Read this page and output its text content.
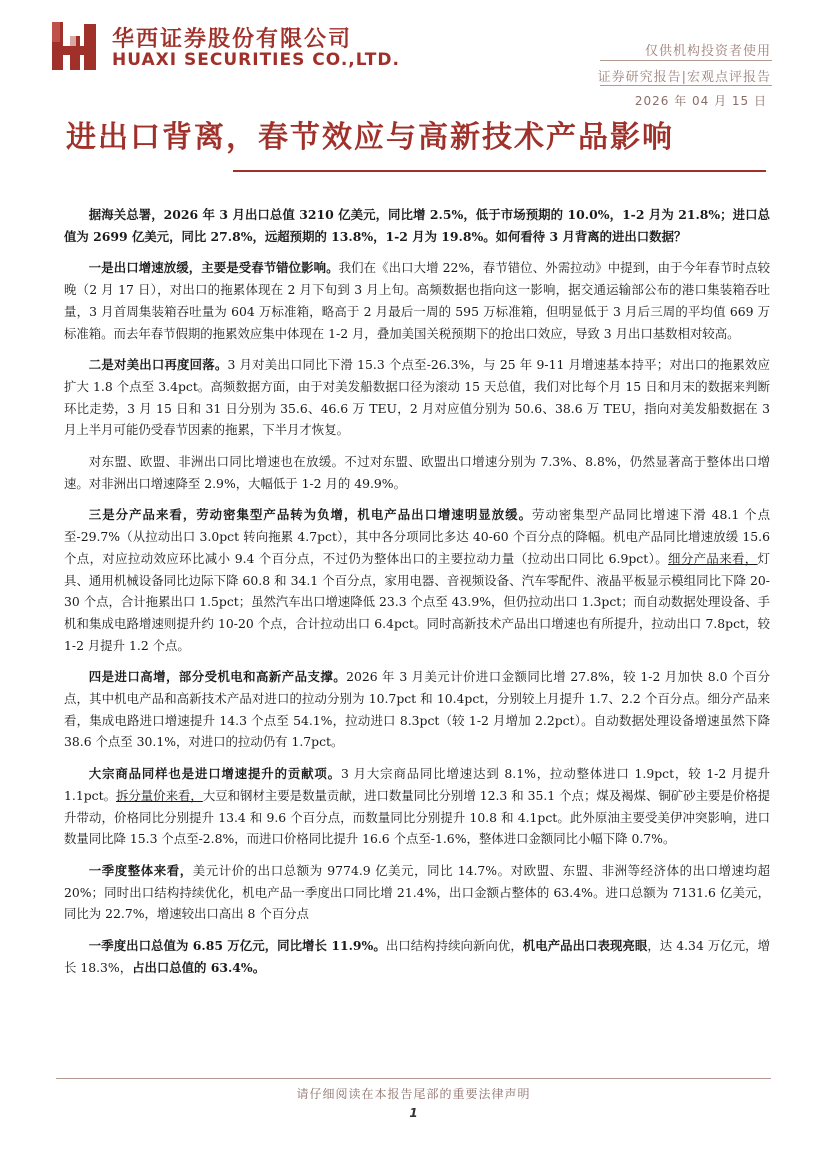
华西证券股份有限公司
HUAXI SECURITIES CO.,LTD.	仅供机构投资者使用
证券研究报告|宏观点评报告
2026 年 04 月 15 日
进出口背离，春节效应与高新技术产品影响

据海关总署，2026 年 3 月出口总值 3210 亿美元，同比增 2.5%，低于市场预期的 10.0%，1-2 月为 21.8%；进口总值为 2699 亿美元，同比 27.8%，远超预期的 13.8%，1-2 月为 19.8%。如何看待 3 月背离的进出口数据？

一是出口增速放缓，主要是受春节错位影响。我们在《出口大增 22%，春节错位、外需拉动》中提到，由于今年春节时点较晚（2 月 17 日），对出口的拖累体现在 2 月下旬到 3 月上旬。高频数据也指向这一影响，据交通运输部公布的港口集装箱吞吐量，3 月首周集装箱吞吐量为 604 万标准箱，略高于 2 月最后一周的 595 万标准箱，但明显低于 3 月后三周的平均值 669 万标准箱。而去年春节假期的拖累效应集中体现在 1-2 月，叠加美国关税预期下的抢出口效应，导致 3 月出口基数相对较高。

二是对美出口再度回落。3 月对美出口同比下滑 15.3 个点至-26.3%，与 25 年 9-11 月增速基本持平；对出口的拖累效应扩大 1.8 个点至 3.4pct。高频数据方面，由于对美发船数据口径为滚动 15 天总值，我们对比每个月 15 日和月末的数据来判断环比走势，3 月 15 日和 31 日分别为 35.6、46.6 万 TEU，2 月对应值分别为 50.6、38.6 万 TEU，指向对美发船数据在 3 月上半月可能仍受春节因素的拖累，下半月才恢复。

对东盟、欧盟、非洲出口同比增速也在放缓。不过对东盟、欧盟出口增速分别为 7.3%、8.8%，仍然显著高于整体出口增速。对非洲出口增速降至 2.9%，大幅低于 1-2 月的 49.9%。

三是分产品来看，劳动密集型产品转为负增，机电产品出口增速明显放缓。劳动密集型产品同比增速下滑 48.1 个点至-29.7%（从拉动出口 3.0pct 转向拖累 4.7pct），其中各分项同比多达 40-60 个百分点的降幅。机电产品同比增速放缓 15.6 个点，对应拉动效应环比减小 9.4 个百分点，不过仍为整体出口的主要拉动力量（拉动出口同比 6.9pct）。细分产品来看，灯具、通用机械设备同比边际下降 60.8 和 34.1 个百分点，家用电器、音视频设备、汽车零配件、液晶平板显示模组同比下降 20-30 个点，合计拖累出口 1.5pct；虽然汽车出口增速降低 23.3 个点至 43.9%，但仍拉动出口 1.3pct；而自动数据处理设备、手机和集成电路增速则提升约 10-20 个点，合计拉动出口 6.4pct。同时高新技术产品出口增速也有所提升，拉动出口 7.8pct，较 1-2 月提升 1.2 个点。

四是进口高增，部分受机电和高新产品支撑。2026 年 3 月美元计价进口金额同比增 27.8%，较 1-2 月加快 8.0 个百分点，其中机电产品和高新技术产品对进口的拉动分别为 10.7pct 和 10.4pct，分别较上月提升 1.7、2.2 个百分点。细分产品来看，集成电路进口增速提升 14.3 个点至 54.1%，拉动进口 8.3pct（较 1-2 月增加 2.2pct）。自动数据处理设备增速虽然下降 38.6 个点至 30.1%，对进口的拉动仍有 1.7pct。

大宗商品同样也是进口增速提升的贡献项。3 月大宗商品同比增速达到 8.1%，拉动整体进口 1.9pct，较 1-2 月提升 1.1pct。拆分量价来看，大豆和钢材主要是数量贡献，进口数量同比分别增 12.3 和 35.1 个点；煤及褐煤、铜矿砂主要是价格提升带动，价格同比分别提升 13.4 和 9.6 个百分点，而数量同比分别提升 10.8 和 4.1pct。此外原油主要受美伊冲突影响，进口数量同比降 15.3 个点至-2.8%，而进口价格同比提升 16.6 个点至-1.6%，整体进口金额同比小幅下降 0.7%。

一季度整体来看，美元计价的出口总额为 9774.9 亿美元，同比 14.7%。对欧盟、东盟、非洲等经济体的出口增速均超 20%；同时出口结构持续优化，机电产品一季度出口同比增 21.4%，出口金额占整体的 63.4%。进口总额为 7131.6 亿美元，同比为 22.7%，增速较出口高出 8 个百分点

一季度出口总值为 6.85 万亿元，同比增长 11.9%。出口结构持续向新向优，机电产品出口表现亮眼，达 4.34 万亿元，增长 18.3%，占出口总值的 63.4%。

请仔细阅读在本报告尾部的重要法律声明
1
